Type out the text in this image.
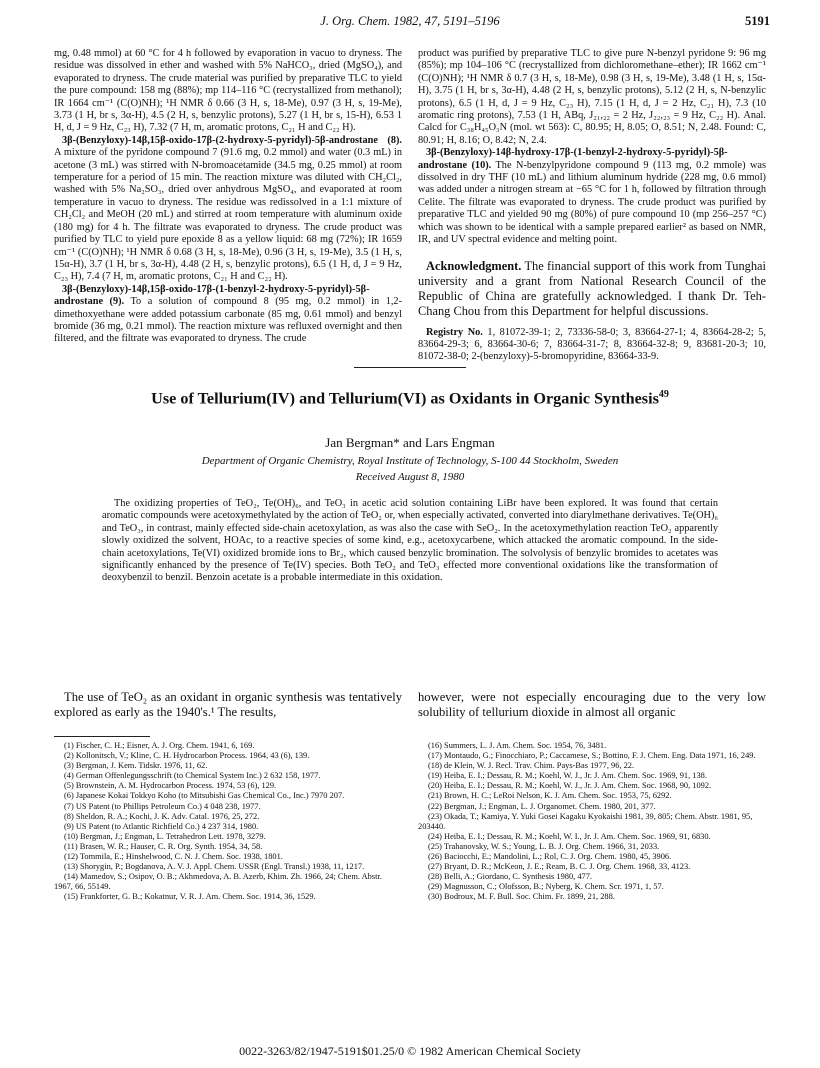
J. Org. Chem. 1982, 47, 5191–5196	5191

mg, 0.48 mmol) at 60 °C for 4 h followed by evaporation in vacuo to dryness. The residue was dissolved in ether and washed with 5% NaHCO₃, dried (MgSO₄), and evaporated to dryness. The crude material was purified by preparative TLC to yield the pure compound: 158 mg (88%); mp 114–116 °C (recrystallized from methanol); IR 1664 cm⁻¹ (C(O)NH); ¹H NMR δ 0.66 (3 H, s, 18-Me), 0.97 (3 H, s, 19-Me), 3.73 (1 H, br s, 3α-H), 4.5 (2 H, s, benzylic protons), 5.27 (1 H, br s, 15-H), 6.53 1 H, d, J = 9 Hz, C₂₃ H), 7.32 (7 H, m, aromatic protons, C₂₁ H and C₂₂ H).

3β-(Benzyloxy)-14β,15β-oxido-17β-(2-hydroxy-5-pyridyl)-5β-androstane (8). A mixture of the pyridone compound 7 (91.6 mg, 0.2 mmol) and water (0.3 mL) in acetone (3 mL) was stirred with N-bromoacetamide (34.5 mg, 0.25 mmol) at room temperature for a period of 15 min. The reaction mixture was diluted with CH₂Cl₂, washed with 5% Na₂SO₃, dried over anhydrous MgSO₄, and evaporated at room temperature in vacuo to dryness. The residue was redissolved in a 1:1 mixture of CH₂Cl₂ and MeOH (20 mL) and stirred at room temperature with aluminum oxide (180 mg) for 4 h. The filtrate was evaporated to dryness. The crude product was purified by TLC to yield pure epoxide 8 as a yellow liquid: 68 mg (72%); IR 1659 cm⁻¹ (C(O)NH); ¹H NMR δ 0.68 (3 H, s, 18-Me), 0.96 (3 H, s, 19-Me), 3.5 (1 H, s, 15α-H), 3.7 (1 H, br s, 3α-H), 4.48 (2 H, s, benzylic protons), 6.5 (1 H, d, J = 9 Hz, C₂₃ H), 7.4 (7 H, m, aromatic protons, C₂₁ H and C₂₂ H).

3β-(Benzyloxy)-14β,15β-oxido-17β-(1-benzyl-2-hydroxy-5-pyridyl)-5β-androstane (9). To a solution of compound 8 (95 mg, 0.2 mmol) in 1,2-dimethoxyethane were added potassium carbonate (85 mg, 0.61 mmol) and benzyl bromide (36 mg, 0.21 mmol). The reaction mixture was refluxed overnight and then filtered, and the filtrate was evaporated to dryness. The crude

product was purified by preparative TLC to give pure N-benzyl pyridone 9: 96 mg (85%); mp 104–106 °C (recrystallized from dichloromethane–ether); IR 1662 cm⁻¹ (C(O)NH); ¹H NMR δ 0.7 (3 H, s, 18-Me), 0.98 (3 H, s, 19-Me), 3.48 (1 H, s, 15α-H), 3.75 (1 H, br s, 3α-H), 4.48 (2 H, s, benzylic protons), 5.12 (2 H, s, N-benzylic protons), 6.5 (1 H, d, J = 9 Hz, C₂₃ H), 7.15 (1 H, d, J = 2 Hz, C₂₁ H), 7.3 (10 aromatic ring protons), 7.53 (1 H, ABq, J₂₁,₂₂ = 2 Hz, J₂₂,₂₃ = 9 Hz, C₂₂ H). Anal. Calcd for C₃₈H₄₅O₃N (mol. wt 563): C, 80.95; H, 8.05; O, 8.51; N, 2.48. Found: C, 80.91; H, 8.16; O, 8.42; N, 2.4.

3β-(Benzyloxy)-14β-hydroxy-17β-(1-benzyl-2-hydroxy-5-pyridyl)-5β-androstane (10). The N-benzylpyridone compound 9 (113 mg, 0.2 mmole) was dissolved in dry THF (10 mL) and lithium aluminum hydride (228 mg, 0.6 mmol) was added under a nitrogen stream at −65 °C for 1 h, followed by filtration through Celite. The filtrate was evaporated to dryness. The crude product was purified by preparative TLC and yielded 90 mg (80%) of pure compound 10 (mp 256–257 °C) which was shown to be identical with a sample prepared earlier² as based on NMR, IR, and UV spectral evidence and melting point.

Acknowledgment. The financial support of this work from Tunghai university and a grant from National Research Council of the Republic of China are gratefully acknowledged. I thank Dr. Teh-Chang Chou from this Department for helpful discussions.

Registry No. 1, 81072-39-1; 2, 73336-58-0; 3, 83664-27-1; 4, 83664-28-2; 5, 83664-29-3; 6, 83664-30-6; 7, 83664-31-7; 8, 83664-32-8; 9, 83681-20-3; 10, 81072-38-0; 2-(benzyloxy)-5-bromopyridine, 83664-33-9.

Use of Tellurium(IV) and Tellurium(VI) as Oxidants in Organic Synthesis$^{49}$
Jan Bergman* and Lars Engman
Department of Organic Chemistry, Royal Institute of Technology, S-100 44 Stockholm, Sweden
Received August 8, 1980
The oxidizing properties of TeO₂, Te(OH)₆, and TeO₃ in acetic acid solution containing LiBr have been explored. It was found that certain aromatic compounds were acetoxymethylated by the action of TeO₂ or, when especially activated, converted into diarylmethane derivatives. Te(OH)₆ and TeO₃, in contrast, mainly effected side-chain acetoxylation, as was also the case with SeO₂. In the acetoxymethylation reaction TeO₂ apparently slowly oxidized the solvent, HOAc, to a reactive species of some kind, e.g., acetoxycarbene, which attacked the aromatic compound. In the side-chain acetoxylations, Te(VI) oxidized bromide ions to Br₂, which caused benzylic bromination. The solvolysis of benzylic bromides to acetates was significantly enhanced by the presence of Te(IV) species. Both TeO₂ and TeO₃ effected more conventional oxidations like the transformation of deoxybenzil to benzil. Benzoin acetate is a probable intermediate in this oxidation.
The use of TeO₂ as an oxidant in organic synthesis was tentatively explored as early as the 1940's.¹ The results,
however, were not especially encouraging due to the very low solubility of tellurium dioxide in almost all organic
(1) Fischer, C. H.; Eisner, A. J. Org. Chem. 1941, 6, 169.
(2) Kollonitsch, V.; Kline, C. H. Hydrocarbon Process. 1964, 43 (6), 139.
(3) Bergman, J. Kem. Tidskr. 1976, 11, 62.
(4) German Offenlegungsschrift (to Chemical System Inc.) 2 632 158, 1977.
(5) Brownstein, A. M. Hydrocarbon Process. 1974, 53 (6), 129.
(6) Japanese Kokai Tokkyo Koho (to Mitsubishi Gas Chemical Co., Inc.) 7970 207.
(7) US Patent (to Phillips Petroleum Co.) 4 048 238, 1977.
(8) Sheldon, R. A.; Kochi, J. K. Adv. Catal. 1976, 25, 272.
(9) US Patent (to Atlantic Richfield Co.) 4 237 314, 1980.
(10) Bergman, J.; Engman, L. Tetrahedron Lett. 1978, 3279.
(11) Brasen, W. R.; Hauser, C. R. Org. Synth. 1954, 34, 58.
(12) Tommila, E.; Hinshelwood, C. N. J. Chem. Soc. 1938, 1801.
(13) Shorygin, P.; Bogdanova, A. V. J. Appl. Chem. USSR (Engl. Transl.) 1938, 11, 1217.
(14) Mamedov, S.; Osipov, O. B.; Akhmedova, A. B. Azerb, Khim. Zh. 1966, 24; Chem. Abstr. 1967, 66, 55149.
(15) Frankforter, G. B.; Kokatnur, V. R. J. Am. Chem. Soc. 1914, 36, 1529.
(16) Summers, L. J. Am. Chem. Soc. 1954, 76, 3481.
(17) Montaudo, G.; Finocchiaro, P.; Caccamese, S.; Bottino, F. J. Chem. Eng. Data 1971, 16, 249.
(18) de Klein, W. J. Recl. Trav. Chim. Pays-Bas 1977, 96, 22.
(19) Heiba, E. I.; Dessau, R. M.; Koehl, W. J., Jr. J. Am. Chem. Soc. 1969, 91, 138.
(20) Heiba, E. I.; Dessau, R. M.; Koehl, W. J., Jr. J. Am. Chem. Soc. 1968, 90, 1092.
(21) Brown, H. C.; LeRoi Nelson, K. J. Am. Chem. Soc. 1953, 75, 6292.
(22) Bergman, J.; Engman, L. J. Organomet. Chem. 1980, 201, 377.
(23) Okada, T.; Kamiya, Y. Yuki Gosei Kagaku Kyokaishi 1981, 39, 805; Chem. Abstr. 1981, 95, 203440.
(24) Heiba, E. I.; Dessau, R. M.; Koehl, W. I., Jr. J. Am. Chem. Soc. 1969, 91, 6830.
(25) Trahanovsky, W. S.; Young, L. B. J. Org. Chem. 1966, 31, 2033.
(26) Baciocchi, E.; Mandolini, L.; Rol, C. J. Org. Chem. 1980, 45, 3906.
(27) Bryant, D. R.; McKeon, J. E.; Ream, B. C. J. Org. Chem. 1968, 33, 4123.
(28) Belli, A.; Giordano, C. Synthesis 1980, 477.
(29) Magnusson, C.; Olofsson, B.; Nyberg, K. Chem. Scr. 1971, 1, 57.
(30) Bodroux, M. F. Bull. Soc. Chim. Fr. 1899, 21, 288.
0022-3263/82/1947-5191$01.25/0 © 1982 American Chemical Society
